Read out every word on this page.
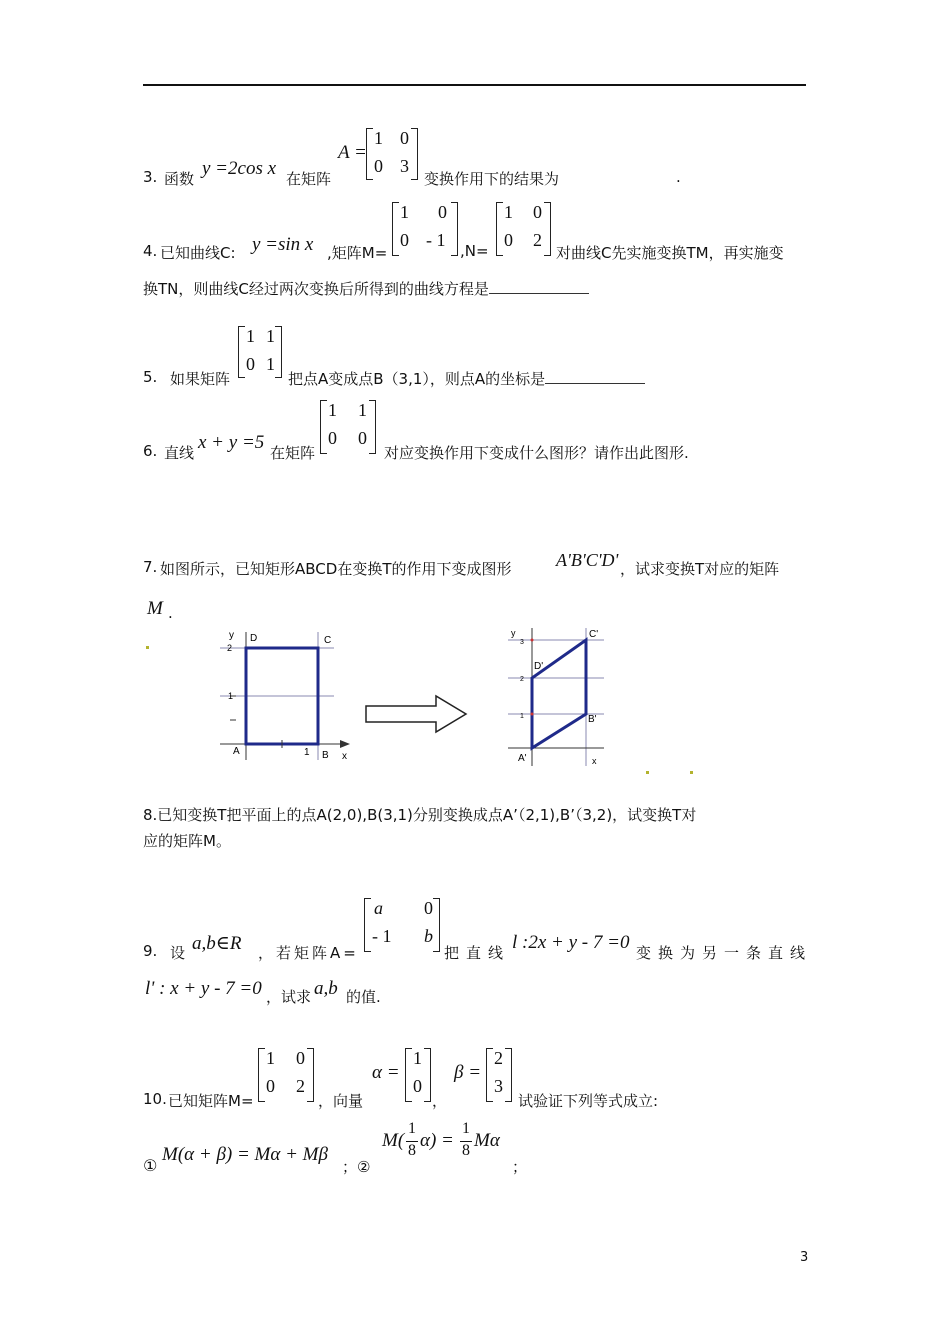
3. 函数 y =2cos x 在矩阵
A =
1 0
0 3
变换作用下的结果为	.
4. 已知曲线C: y =sin x ,矩阵M=
1 0
0 - 1
,N=
1 0
0 2
对曲线C先实施变换TM，再实施变
换TN，则曲线C经过两次变换后所得到的曲线方程是
5. 如果矩阵
1 1
0 1
把点A变成点B（3,1），则点A的坐标是
6. 直线 x + y =5 在矩阵
1 1
0 0
对应变换作用下变成什么图形？请作出此图形.
7. 如图所示，已知矩形ABCD在变换T的作用下变成图形 A'B'C'D' ，试求变换T对应的矩阵
M .
y D	C
A	1 B x
2
1
y	C'
D'
3
2
B'
A'	x
1
8.已知变换T把平面上的点A(2,0),B(3,1)分别变换成点A’（2,1),B’（3,2)，试变换T对
应的矩阵M。
9. 设 a,b∈R ，若矩阵A=
a 0
- 1 b
把直线 l :2x + y - 7 =0 变换为另一条直线
l' : x + y - 7 =0 ，试求 a,b 的值.
10. 已知矩阵M=
1 0
0 2
，向量
α =
1
0
，
β =
2
3
试验证下列等式成立:
①
M(α + β) = Mα + Mβ
；②
M(
1
8 α) =
1
8 Mα
；
3
